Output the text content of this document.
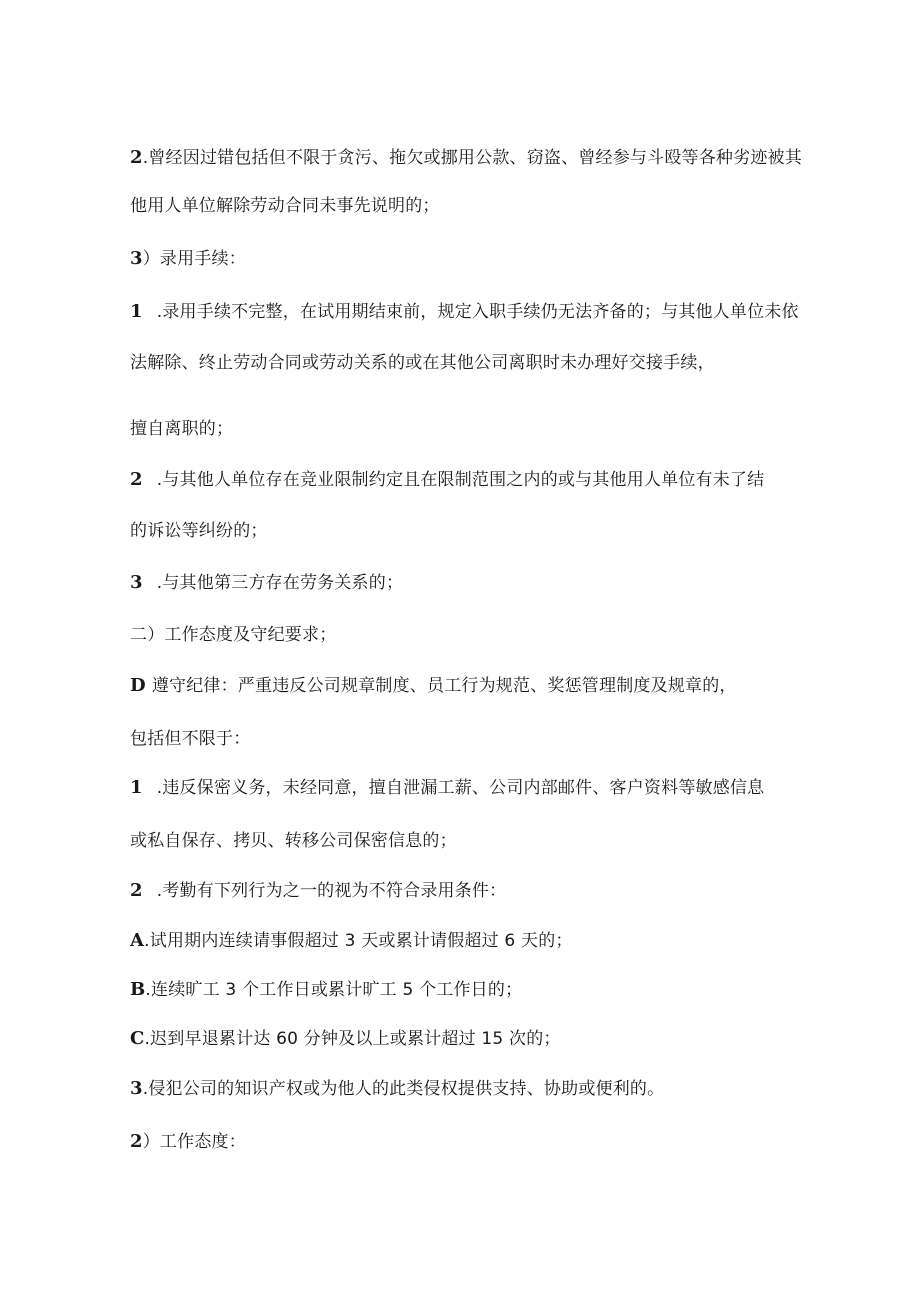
2.曾经因过错包括但不限于贪污、拖欠或挪用公款、窃盗、曾经参与斗殴等各种劣迹被其
他用人单位解除劳动合同未事先说明的；
3）录用手续：
1 .录用手续不完整，在试用期结束前，规定入职手续仍无法齐备的；与其他人单位未依
法解除、终止劳动合同或劳动关系的或在其他公司离职时未办理好交接手续，
擅自离职的；
2 .与其他人单位存在竞业限制约定且在限制范围之内的或与其他用人单位有未了结
的诉讼等纠纷的；
3 .与其他第三方存在劳务关系的；
二）工作态度及守纪要求；
D 遵守纪律：严重违反公司规章制度、员工行为规范、奖惩管理制度及规章的，
包括但不限于：
1 .违反保密义务，未经同意，擅自泄漏工薪、公司内部邮件、客户资料等敏感信息
或私自保存、拷贝、转移公司保密信息的；
2 .考勤有下列行为之一的视为不符合录用条件：
A.试用期内连续请事假超过 3 天或累计请假超过 6 天的；
B.连续旷工 3 个工作日或累计旷工 5 个工作日的；
C.迟到早退累计达 60 分钟及以上或累计超过 15 次的；
3.侵犯公司的知识产权或为他人的此类侵权提供支持、协助或便利的。
2）工作态度：
